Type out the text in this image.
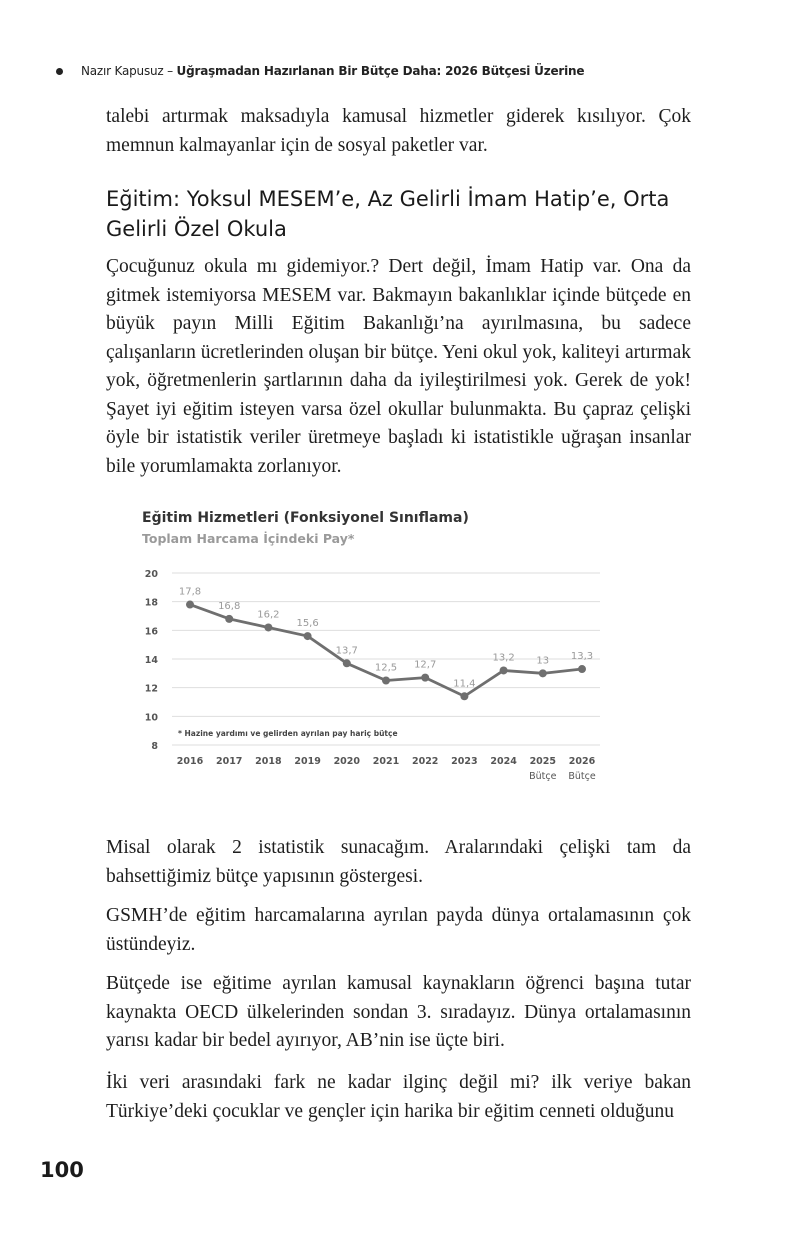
Nazır Kapusuz – Uğraşmadan Hazırlanan Bir Bütçe Daha: 2026 Bütçesi Üzerine

talebi artırmak maksadıyla kamusal hizmetler giderek kısılıyor. Çok memnun kalmayanlar için de sosyal paketler var.

Eğitim: Yoksul MESEM’e, Az Gelirli İmam Hatip’e, Orta Gelirli Özel Okula

Çocuğunuz okula mı gidemiyor.? Dert değil, İmam Hatip var. Ona da gitmek istemiyorsa MESEM var. Bakmayın bakanlıklar içinde bütçede en büyük payın Milli Eğitim Bakanlığı’na ayırılmasına, bu sadece çalışanların ücretlerinden oluşan bir bütçe. Yeni okul yok, kaliteyi artırmak yok, öğretmenlerin şartlarının daha da iyileştirilmesi yok. Gerek de yok! Şayet iyi eğitim isteyen varsa özel okullar bulunmakta. Bu çapraz çelişki öyle bir istatistik veriler üretmeye başladı ki istatistikle uğraşan insanlar bile yorumlamakta zorlanıyor.

Eğitim Hizmetleri (Fonksiyonel Sınıflama)
Toplam Harcama İçindeki Pay*
8
10
12
14
16
18
20
* Hazine yardımı ve gelirden ayrılan pay hariç bütçe
17,8
2016
16,8
2017
16,2
2018
15,6
2019
13,7
2020
12,5
2021
12,7
2022
11,4
2023
13,2
2024
13
2025
Bütçe
13,3
2026
Bütçe

Misal olarak 2 istatistik sunacağım. Aralarındaki çelişki tam da bahsettiğimiz bütçe yapısının göstergesi.

GSMH’de eğitim harcamalarına ayrılan payda dünya ortalamasının çok üstündeyiz.

Bütçede ise eğitime ayrılan kamusal kaynakların öğrenci başına tutar kaynakta OECD ülkelerinden sondan 3. sıradayız. Dünya ortalamasının yarısı kadar bir bedel ayırıyor, AB’nin ise üçte biri.

İki veri arasındaki fark ne kadar ilginç değil mi? ilk veriye bakan Türkiye’deki çocuklar ve gençler için harika bir eğitim cenneti olduğunu

100
